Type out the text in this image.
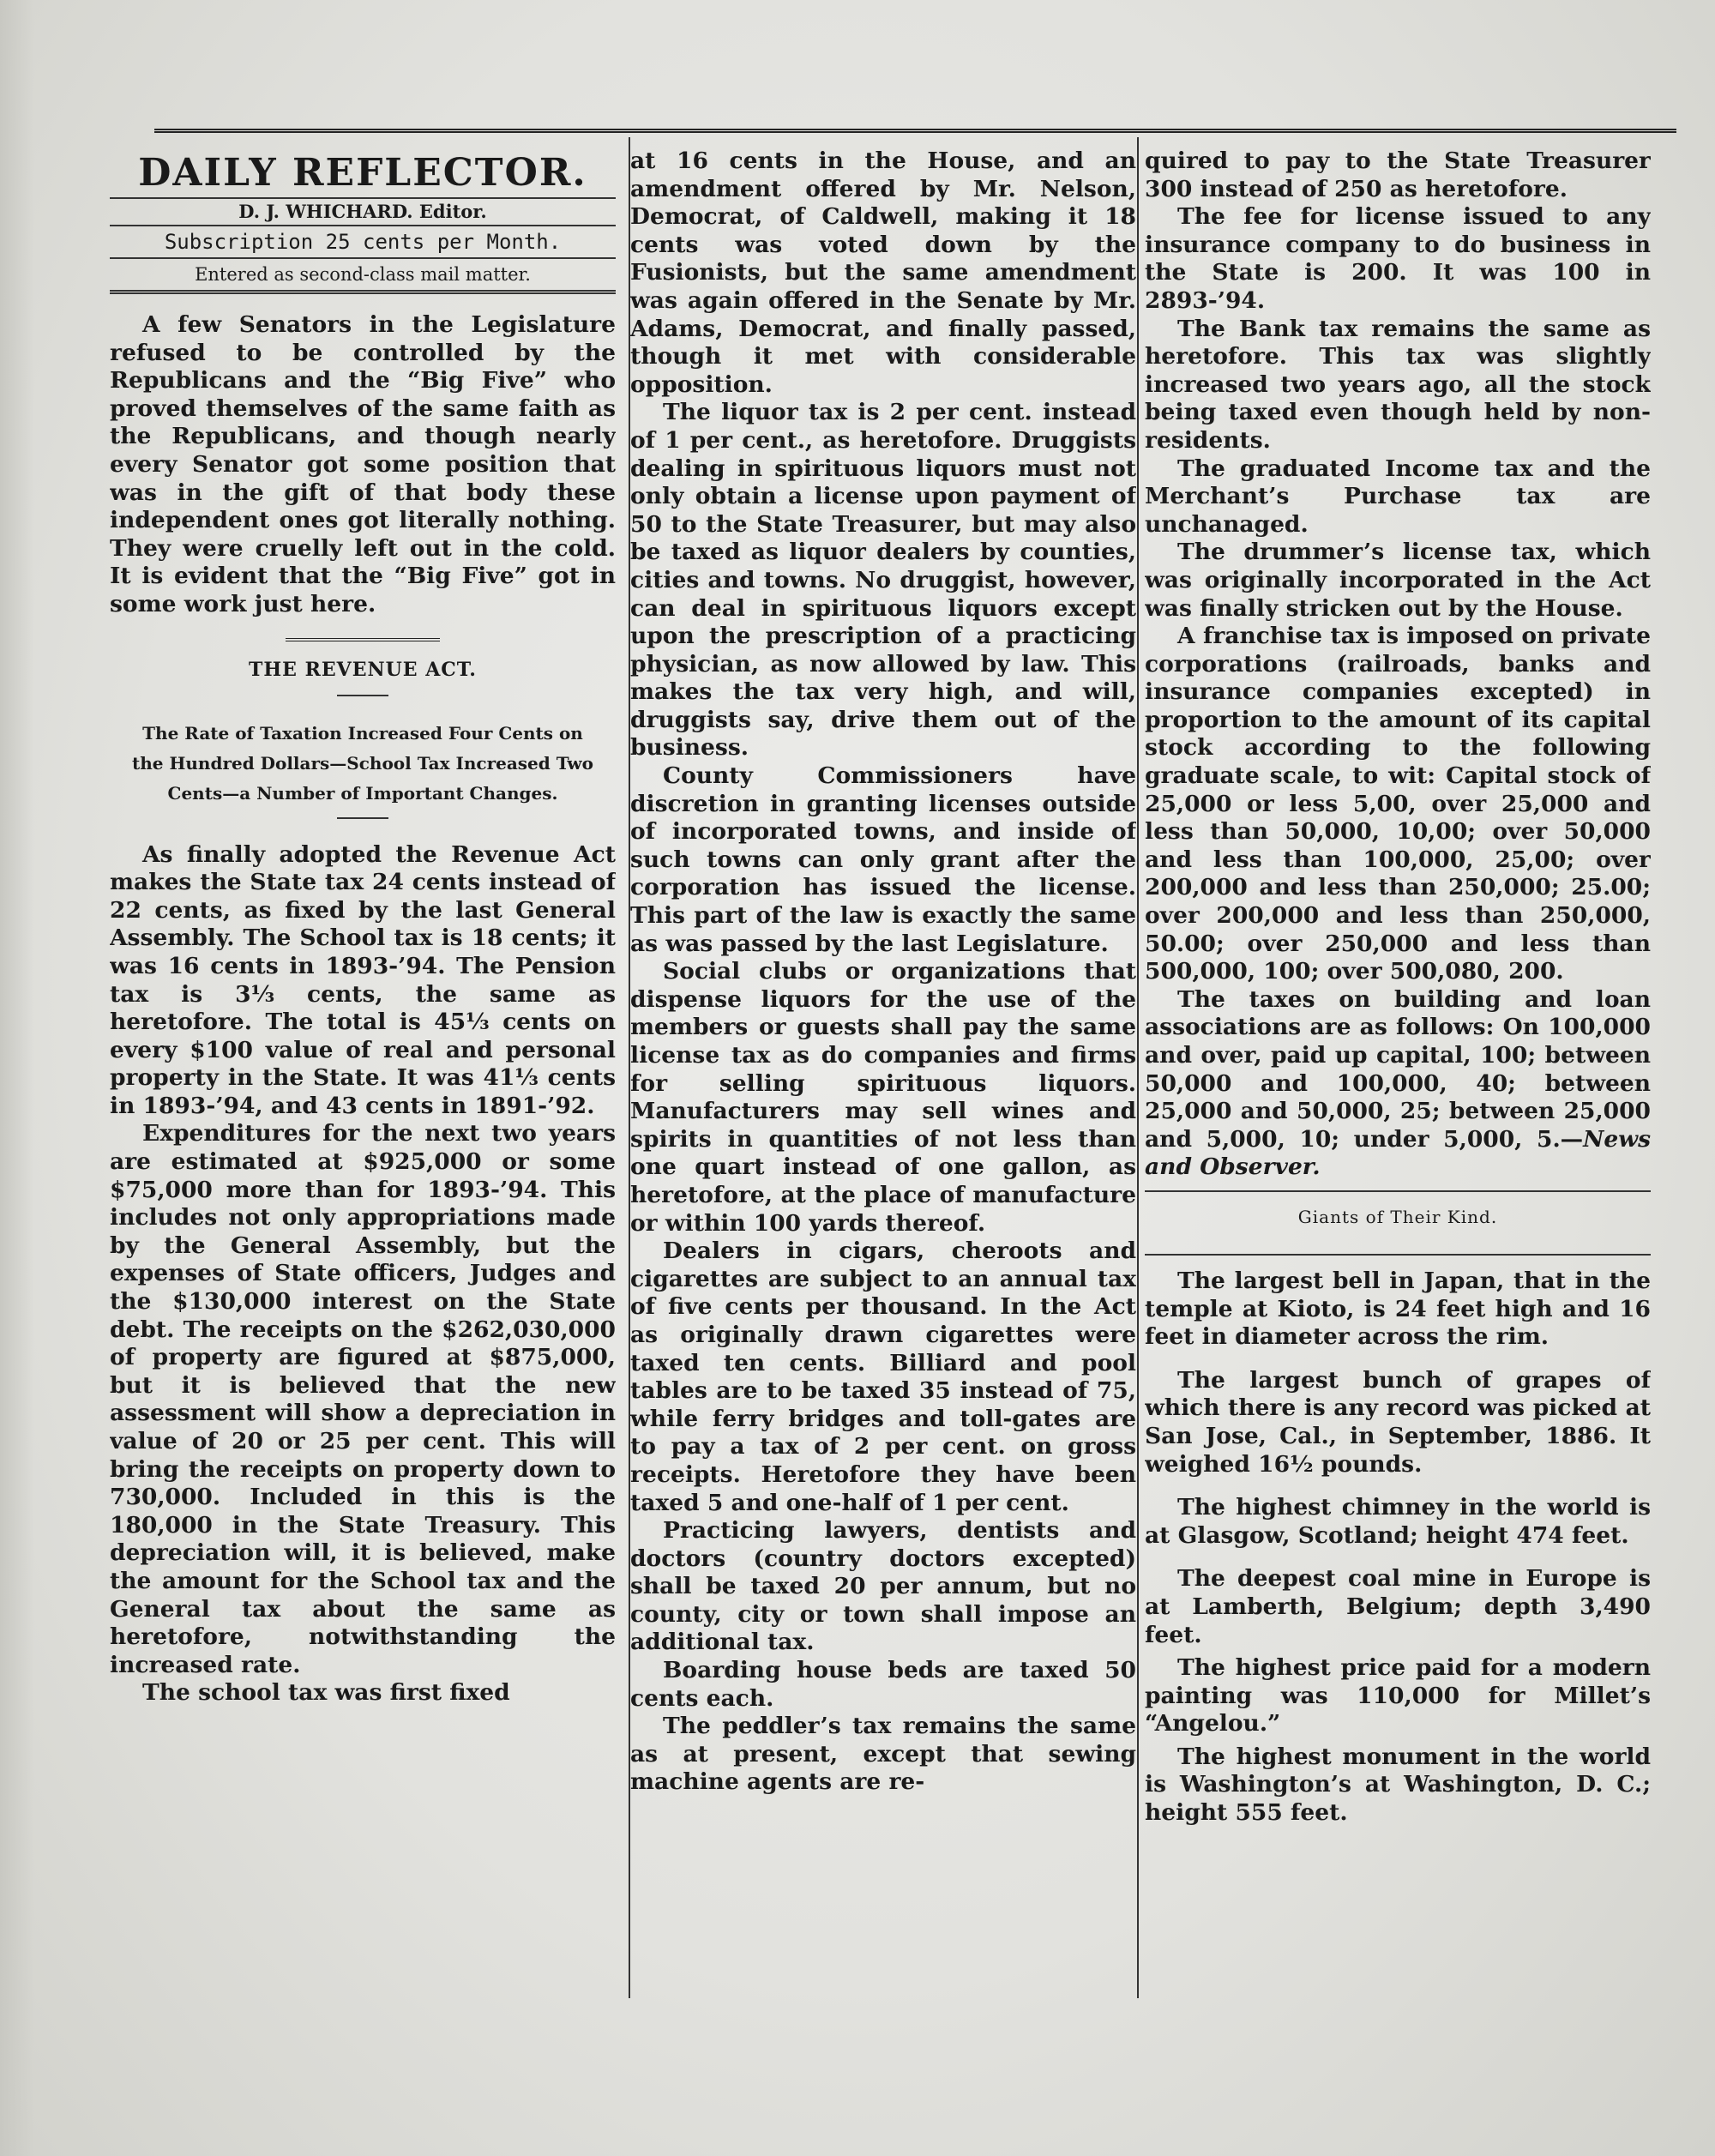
DAILY REFLECTOR.
D. J. WHICHARD. Editor.
Subscription 25 cents per Month.
Entered as second-class mail matter.

A few Senators in the Legislature refused to be controlled by the Republicans and the “Big Five” who proved themselves of the same faith as the Republicans, and though nearly every Senator got some position that was in the gift of that body these independent ones got literally nothing. They were cruelly left out in the cold. It is evident that the “Big Five” got in some work just here.

THE REVENUE ACT.
The Rate of Taxation Increased Four Cents on the Hundred Dollars—School Tax Increased Two Cents—a Number of Important Changes.

As finally adopted the Revenue Act makes the State tax 24 cents instead of 22 cents, as fixed by the last General Assembly. The School tax is 18 cents; it was 16 cents in 1893-’94. The Pension tax is 3⅓ cents, the same as heretofore. The total is 45⅓ cents on every $100 value of real and personal property in the State. It was 41⅓ cents in 1893-’94, and 43 cents in 1891-’92.

Expenditures for the next two years are estimated at $925,000 or some $75,000 more than for 1893-’94. This includes not only appropriations made by the General Assembly, but the expenses of State officers, Judges and the $130,000 interest on the State debt. The receipts on the $262,030,000 of property are figured at $875,000, but it is believed that the new assessment will show a depreciation in value of 20 or 25 per cent. This will bring the receipts on property down to 730,000. Included in this is the 180,000 in the State Treasury. This depreciation will, it is believed, make the amount for the School tax and the General tax about the same as heretofore, notwithstanding the increased rate.

The school tax was first fixed

at 16 cents in the House, and an amendment offered by Mr. Nelson, Democrat, of Caldwell, making it 18 cents was voted down by the Fusionists, but the same amendment was again offered in the Senate by Mr. Adams, Democrat, and finally passed, though it met with considerable opposition.

The liquor tax is 2 per cent. instead of 1 per cent., as heretofore. Druggists dealing in spirituous liquors must not only obtain a license upon payment of 50 to the State Treasurer, but may also be taxed as liquor dealers by counties, cities and towns. No druggist, however, can deal in spirituous liquors except upon the prescription of a practicing physician, as now allowed by law. This makes the tax very high, and will, druggists say, drive them out of the business.

County Commissioners have discretion in granting licenses outside of incorporated towns, and inside of such towns can only grant after the corporation has issued the license. This part of the law is exactly the same as was passed by the last Legislature.

Social clubs or organizations that dispense liquors for the use of the members or guests shall pay the same license tax as do companies and firms for selling spirituous liquors. Manufacturers may sell wines and spirits in quantities of not less than one quart instead of one gallon, as heretofore, at the place of manufacture or within 100 yards thereof.

Dealers in cigars, cheroots and cigarettes are subject to an annual tax of five cents per thousand. In the Act as originally drawn cigarettes were taxed ten cents. Billiard and pool tables are to be taxed 35 instead of 75, while ferry bridges and toll-gates are to pay a tax of 2 per cent. on gross receipts. Heretofore they have been taxed 5 and one-half of 1 per cent.

Practicing lawyers, dentists and doctors (country doctors excepted) shall be taxed 20 per annum, but no county, city or town shall impose an additional tax.

Boarding house beds are taxed 50 cents each.

The peddler’s tax remains the same as at present, except that sewing machine agents are re-

quired to pay to the State Treasurer 300 instead of 250 as heretofore.

The fee for license issued to any insurance company to do business in the State is 200. It was 100 in 2893-’94.

The Bank tax remains the same as heretofore. This tax was slightly increased two years ago, all the stock being taxed even though held by non-residents.

The graduated Income tax and the Merchant’s Purchase tax are unchanaged.

The drummer’s license tax, which was originally incorporated in the Act was finally stricken out by the House.

A franchise tax is imposed on private corporations (railroads, banks and insurance companies excepted) in proportion to the amount of its capital stock according to the following graduate scale, to wit: Capital stock of 25,000 or less 5,00, over 25,000 and less than 50,000, 10,00; over 50,000 and less than 100,000, 25,00; over 200,000 and less than 250,000; 25.00; over 200,000 and less than 250,000, 50.00; over 250,000 and less than 500,000, 100; over 500,080, 200.

The taxes on building and loan associations are as follows: On 100,000 and over, paid up capital, 100; between 50,000 and 100,000, 40; between 25,000 and 50,000, 25; between 25,000 and 5,000, 10; under 5,000, 5.—News and Observer.

Giants of Their Kind.

The largest bell in Japan, that in the temple at Kioto, is 24 feet high and 16 feet in diameter across the rim.

The largest bunch of grapes of which there is any record was picked at San Jose, Cal., in September, 1886. It weighed 16½ pounds.

The highest chimney in the world is at Glasgow, Scotland; height 474 feet.

The deepest coal mine in Europe is at Lamberth, Belgium; depth 3,490 feet.

The highest price paid for a modern painting was 110,000 for Millet’s “Angelou.”

The highest monument in the world is Washington’s at Washington, D. C.; height 555 feet.
